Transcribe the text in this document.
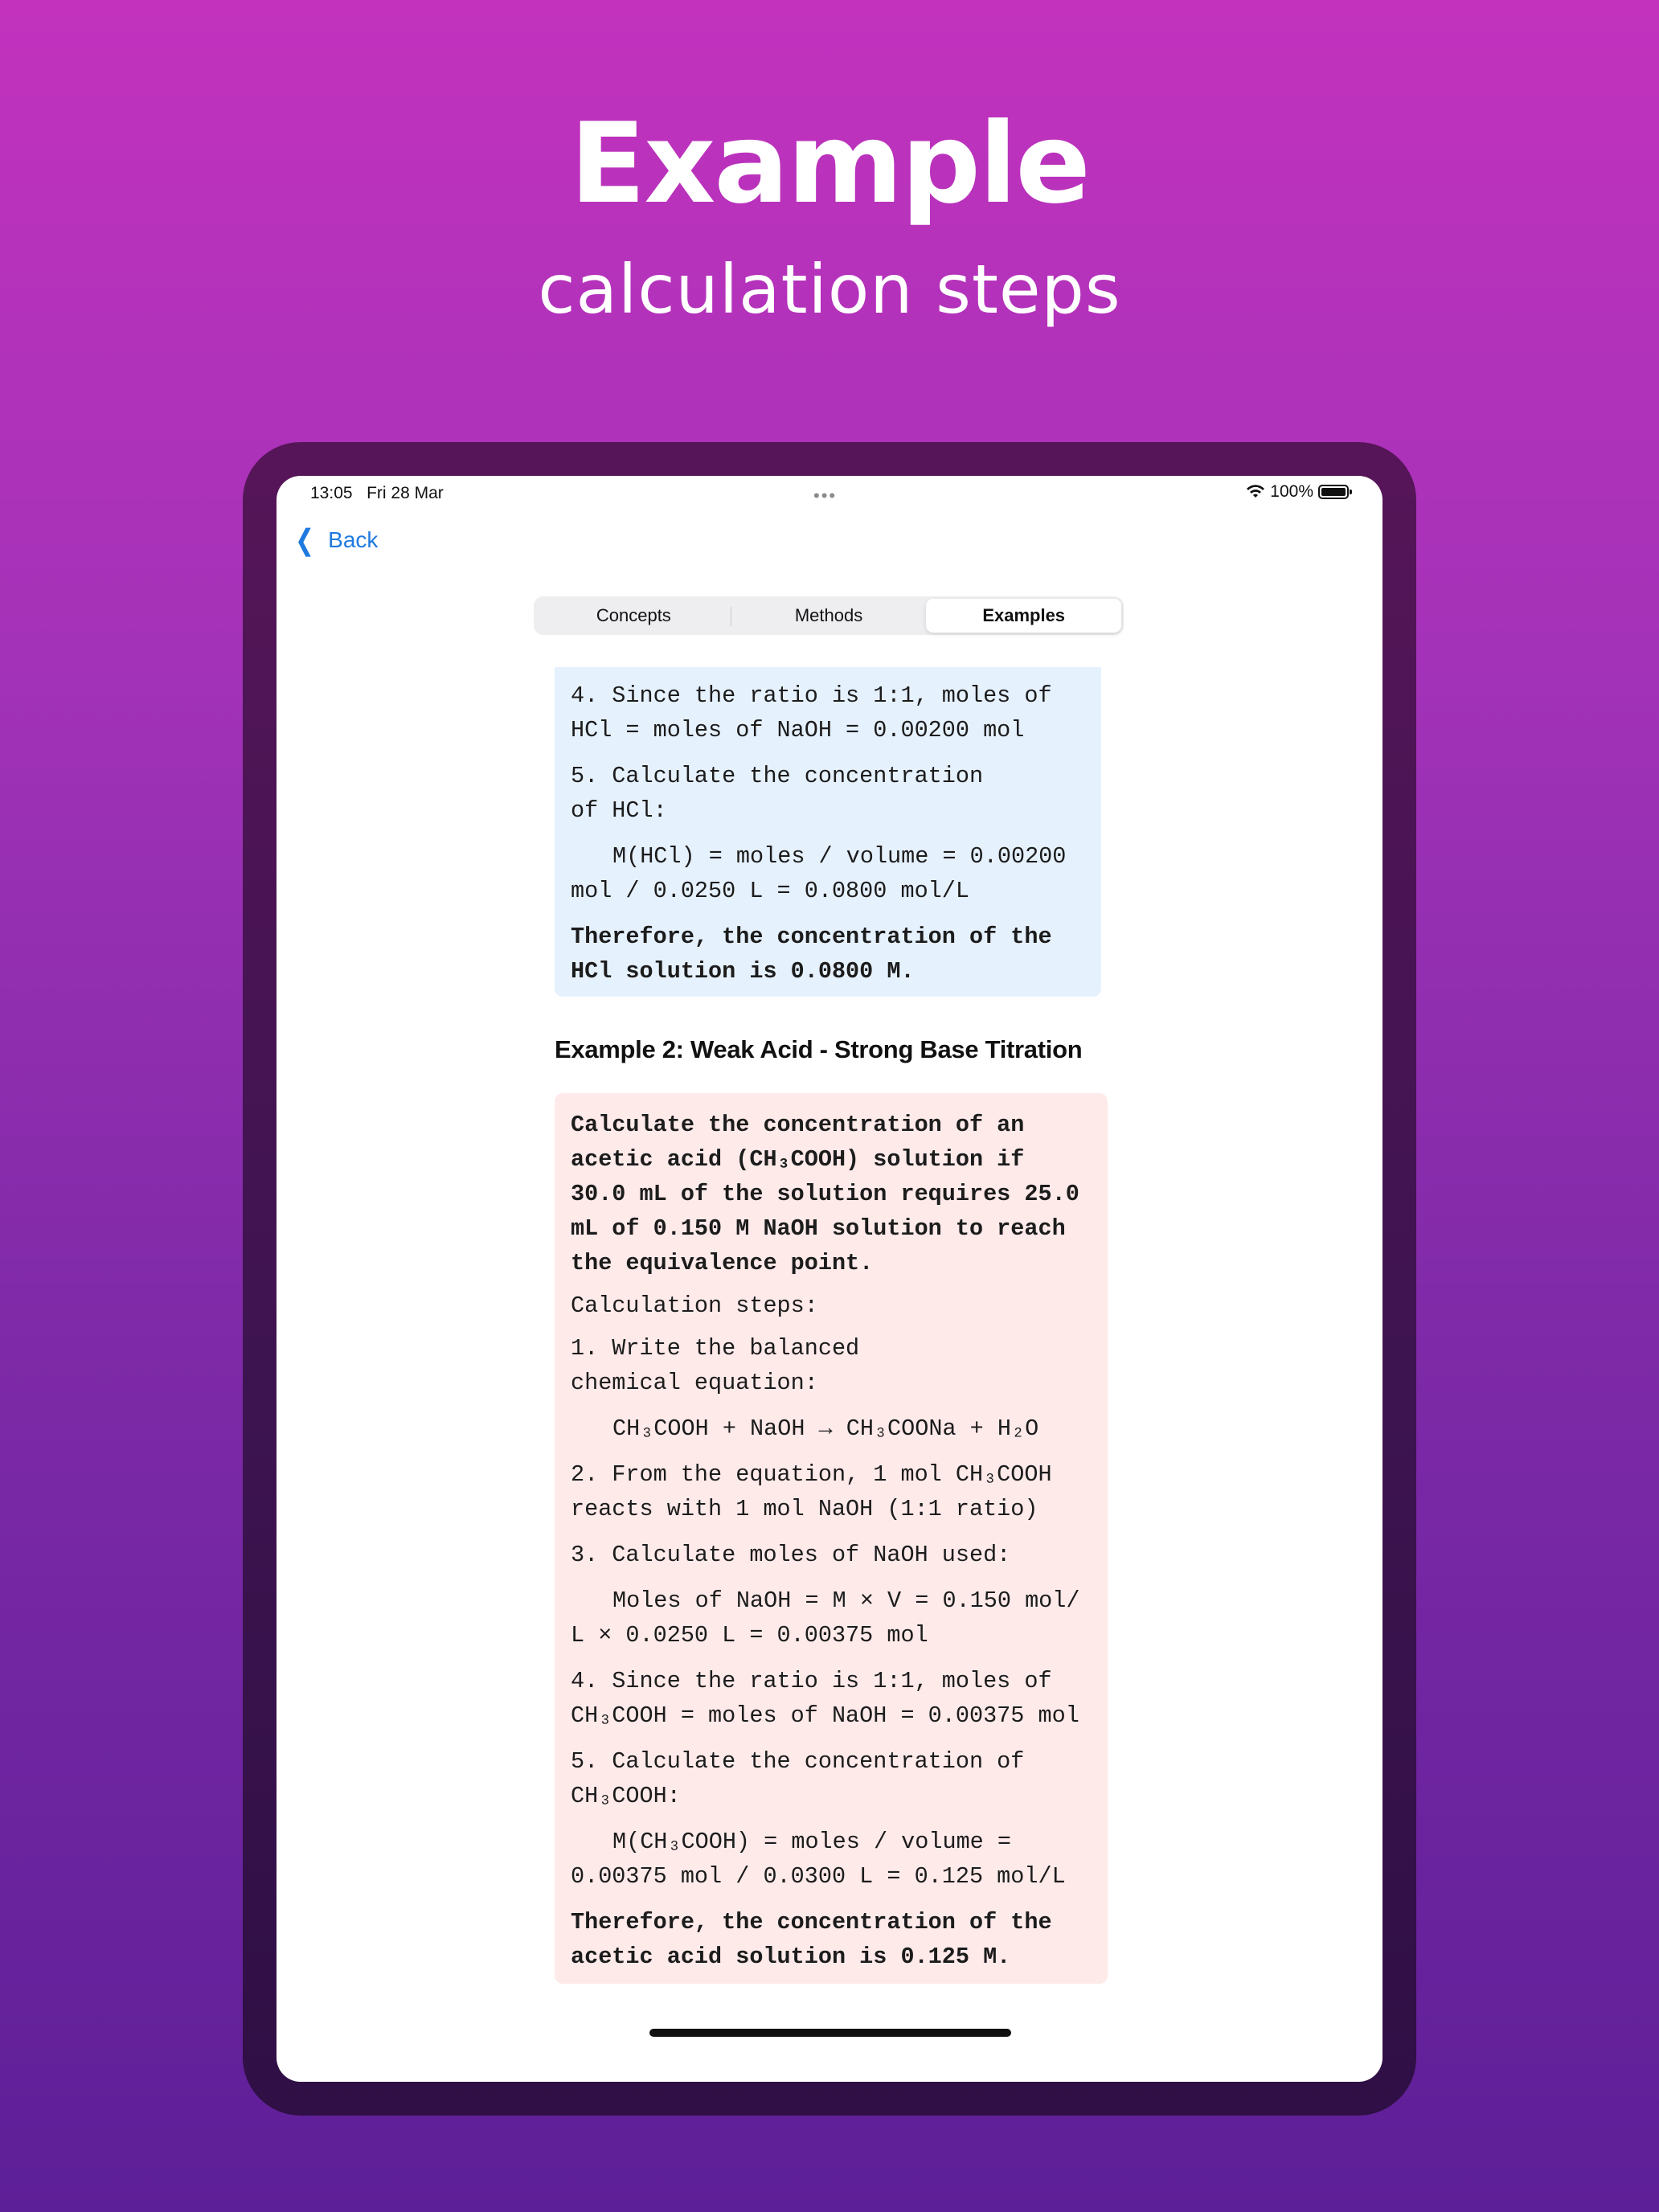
Example
calculation steps
13:05 Fri 28 Mar	•••	100%
❮ Back
Concepts	Methods	Examples
4. Since the ratio is 1:1, moles of
HCl = moles of NaOH = 0.00200 mol
5. Calculate the concentration
of HCl:
M(HCl) = moles / volume = 0.00200
mol / 0.0250 L = 0.0800 mol/L
Therefore, the concentration of the
HCl solution is 0.0800 M.
Example 2: Weak Acid - Strong Base Titration
Calculate the concentration of an
acetic acid (CH₃COOH) solution if
30.0 mL of the solution requires 25.0
mL of 0.150 M NaOH solution to reach
the equivalence point.
Calculation steps:
1. Write the balanced
chemical equation:
CH₃COOH + NaOH → CH₃COONa + H₂O
2. From the equation, 1 mol CH₃COOH
reacts with 1 mol NaOH (1:1 ratio)
3. Calculate moles of NaOH used:
Moles of NaOH = M × V = 0.150 mol/
L × 0.0250 L = 0.00375 mol
4. Since the ratio is 1:1, moles of
CH₃COOH = moles of NaOH = 0.00375 mol
5. Calculate the concentration of
CH₃COOH:
M(CH₃COOH) = moles / volume =
0.00375 mol / 0.0300 L = 0.125 mol/L
Therefore, the concentration of the
acetic acid solution is 0.125 M.
